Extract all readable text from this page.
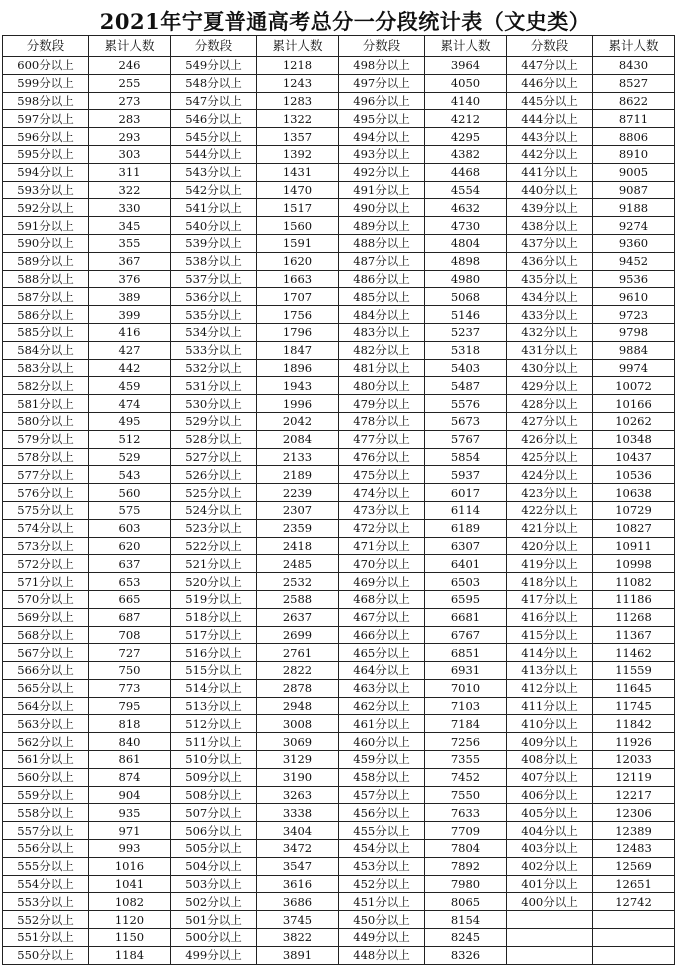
2021年宁夏普通高考总分一分段统计表（文史类）
分数段	累计人数	分数段	累计人数	分数段	累计人数	分数段	累计人数
600分以上	246	549分以上	1218	498分以上	3964	447分以上	8430
599分以上	255	548分以上	1243	497分以上	4050	446分以上	8527
598分以上	273	547分以上	1283	496分以上	4140	445分以上	8622
597分以上	283	546分以上	1322	495分以上	4212	444分以上	8711
596分以上	293	545分以上	1357	494分以上	4295	443分以上	8806
595分以上	303	544分以上	1392	493分以上	4382	442分以上	8910
594分以上	311	543分以上	1431	492分以上	4468	441分以上	9005
593分以上	322	542分以上	1470	491分以上	4554	440分以上	9087
592分以上	330	541分以上	1517	490分以上	4632	439分以上	9188
591分以上	345	540分以上	1560	489分以上	4730	438分以上	9274
590分以上	355	539分以上	1591	488分以上	4804	437分以上	9360
589分以上	367	538分以上	1620	487分以上	4898	436分以上	9452
588分以上	376	537分以上	1663	486分以上	4980	435分以上	9536
587分以上	389	536分以上	1707	485分以上	5068	434分以上	9610
586分以上	399	535分以上	1756	484分以上	5146	433分以上	9723
585分以上	416	534分以上	1796	483分以上	5237	432分以上	9798
584分以上	427	533分以上	1847	482分以上	5318	431分以上	9884
583分以上	442	532分以上	1896	481分以上	5403	430分以上	9974
582分以上	459	531分以上	1943	480分以上	5487	429分以上	10072
581分以上	474	530分以上	1996	479分以上	5576	428分以上	10166
580分以上	495	529分以上	2042	478分以上	5673	427分以上	10262
579分以上	512	528分以上	2084	477分以上	5767	426分以上	10348
578分以上	529	527分以上	2133	476分以上	5854	425分以上	10437
577分以上	543	526分以上	2189	475分以上	5937	424分以上	10536
576分以上	560	525分以上	2239	474分以上	6017	423分以上	10638
575分以上	575	524分以上	2307	473分以上	6114	422分以上	10729
574分以上	603	523分以上	2359	472分以上	6189	421分以上	10827
573分以上	620	522分以上	2418	471分以上	6307	420分以上	10911
572分以上	637	521分以上	2485	470分以上	6401	419分以上	10998
571分以上	653	520分以上	2532	469分以上	6503	418分以上	11082
570分以上	665	519分以上	2588	468分以上	6595	417分以上	11186
569分以上	687	518分以上	2637	467分以上	6681	416分以上	11268
568分以上	708	517分以上	2699	466分以上	6767	415分以上	11367
567分以上	727	516分以上	2761	465分以上	6851	414分以上	11462
566分以上	750	515分以上	2822	464分以上	6931	413分以上	11559
565分以上	773	514分以上	2878	463分以上	7010	412分以上	11645
564分以上	795	513分以上	2948	462分以上	7103	411分以上	11745
563分以上	818	512分以上	3008	461分以上	7184	410分以上	11842
562分以上	840	511分以上	3069	460分以上	7256	409分以上	11926
561分以上	861	510分以上	3129	459分以上	7355	408分以上	12033
560分以上	874	509分以上	3190	458分以上	7452	407分以上	12119
559分以上	904	508分以上	3263	457分以上	7550	406分以上	12217
558分以上	935	507分以上	3338	456分以上	7633	405分以上	12306
557分以上	971	506分以上	3404	455分以上	7709	404分以上	12389
556分以上	993	505分以上	3472	454分以上	7804	403分以上	12483
555分以上	1016	504分以上	3547	453分以上	7892	402分以上	12569
554分以上	1041	503分以上	3616	452分以上	7980	401分以上	12651
553分以上	1082	502分以上	3686	451分以上	8065	400分以上	12742
552分以上	1120	501分以上	3745	450分以上	8154		
551分以上	1150	500分以上	3822	449分以上	8245		
550分以上	1184	499分以上	3891	448分以上	8326		
